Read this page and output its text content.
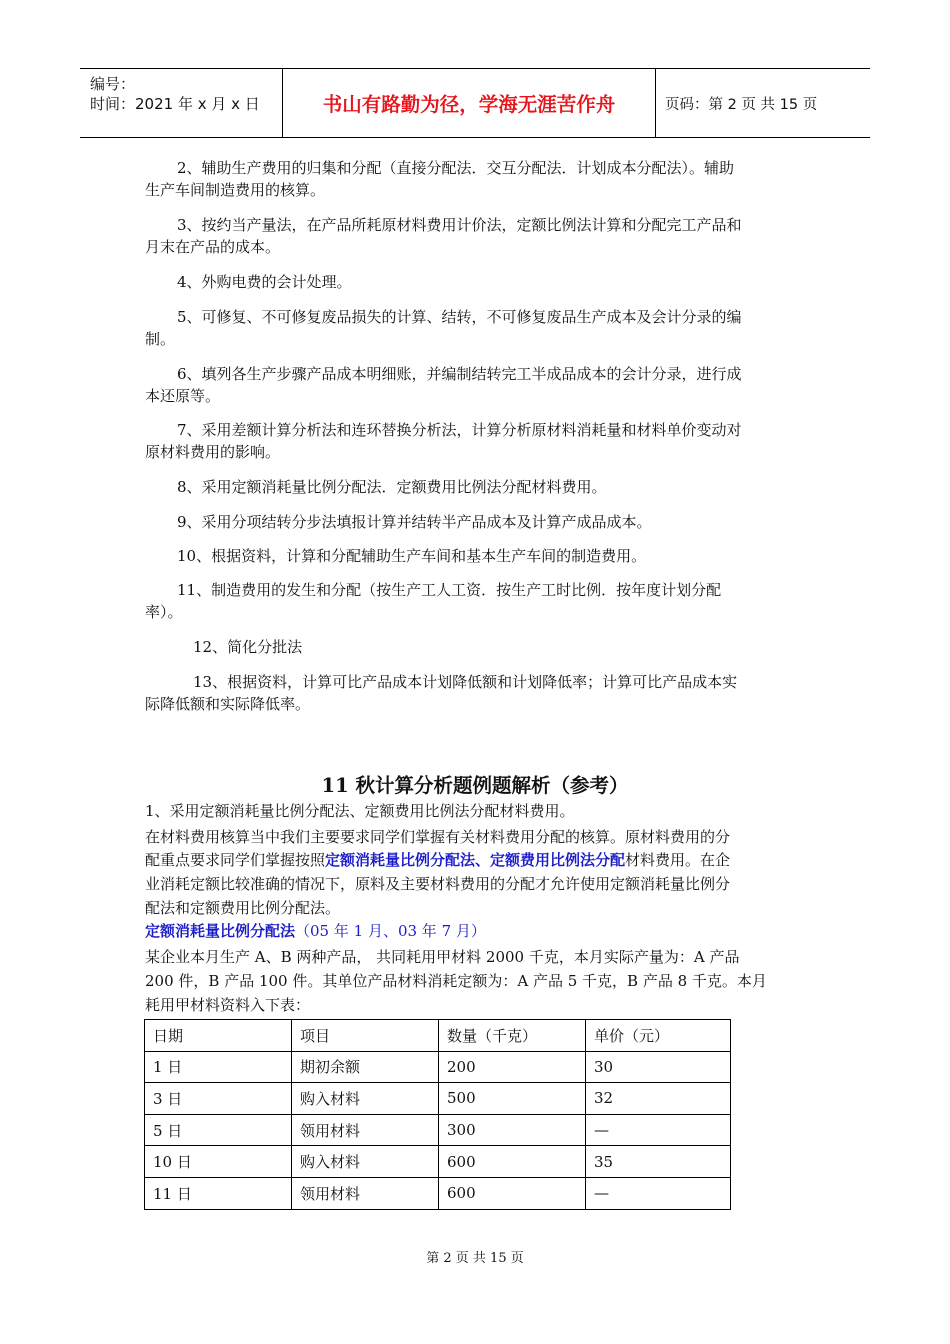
编号：
时间：2021 年 x 月 x 日	书山有路勤为径，学海无涯苦作舟	页码：第 2 页 共 15 页
2、辅助生产费用的归集和分配（直接分配法．交互分配法．计划成本分配法）。辅助
生产车间制造费用的核算。
3、按约当产量法，在产品所耗原材料费用计价法，定额比例法计算和分配完工产品和
月末在产品的成本。
4、外购电费的会计处理。
5、可修复、不可修复废品损失的计算、结转，不可修复废品生产成本及会计分录的编
制。
6、填列各生产步骤产品成本明细账，并编制结转完工半成品成本的会计分录，进行成
本还原等。
7、采用差额计算分析法和连环替换分析法，计算分析原材料消耗量和材料单价变动对
原材料费用的影响。
8、采用定额消耗量比例分配法．定额费用比例法分配材料费用。
9、采用分项结转分步法填报计算并结转半产品成本及计算产成品成本。
10、根据资料，计算和分配辅助生产车间和基本生产车间的制造费用。
11、制造费用的发生和分配（按生产工人工资．按生产工时比例．按年度计划分配
率）。
12、简化分批法
13、根据资料，计算可比产品成本计划降低额和计划降低率；计算可比产品成本实
际降低额和实际降低率。
11 秋计算分析题例题解析（参考）
1、采用定额消耗量比例分配法、定额费用比例法分配材料费用。
在材料费用核算当中我们主要要求同学们掌握有关材料费用分配的核算。原材料费用的分
配重点要求同学们掌握按照定额消耗量比例分配法、定额费用比例法分配材料费用。在企
业消耗定额比较准确的情况下，原料及主要材料费用的分配才允许使用定额消耗量比例分
配法和定额费用比例分配法。
定额消耗量比例分配法（05 年 1 月、03 年 7 月）
某企业本月生产 A、B 两种产品， 共同耗用甲材料 2000 千克，本月实际产量为：A 产品
200 件，B 产品 100 件。其单位产品材料消耗定额为：A 产品 5 千克，B 产品 8 千克。本月
耗用甲材料资料入下表：
日期	项目	数量（千克）	单价（元）
1 日	期初余额	200	30
3 日	购入材料	500	32
5 日	领用材料	300	—
10 日	购入材料	600	35
11 日	领用材料	600	—
第 2 页 共 15 页
